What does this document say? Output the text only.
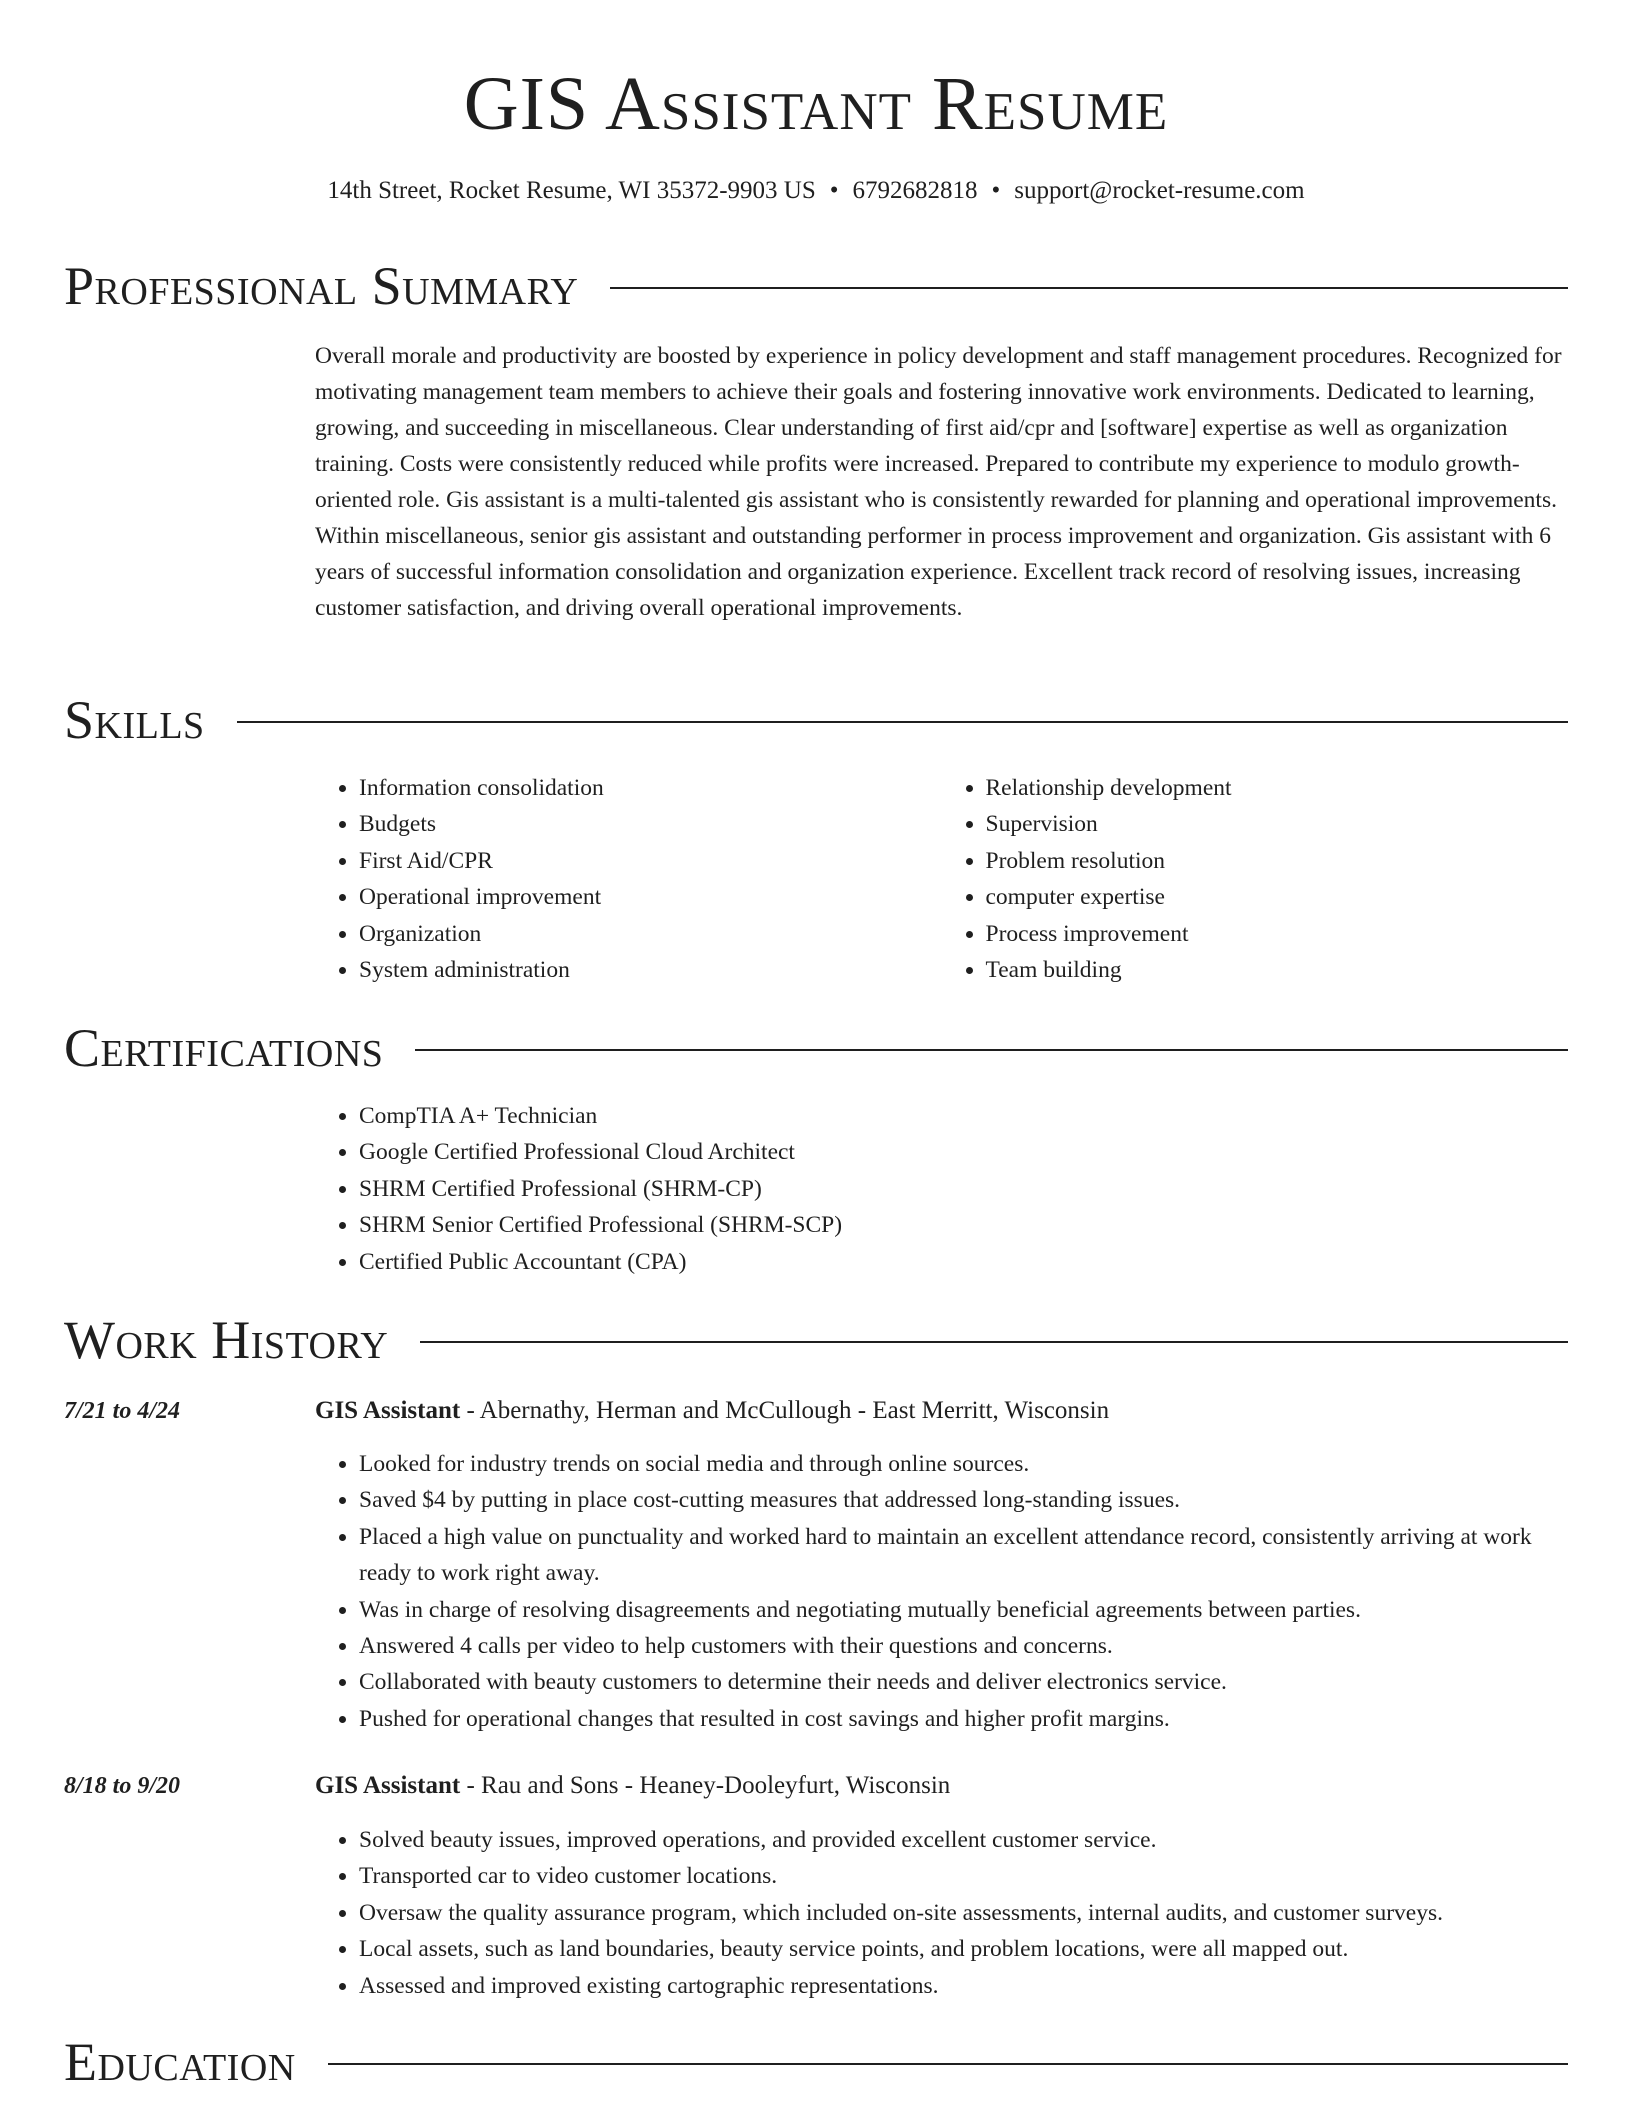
GIS Assistant Resume
14th Street, Rocket Resume, WI 35372-9903 US • 6792682818 • support@rocket-resume.com
Professional Summary

Overall morale and productivity are boosted by experience in policy development and staff management procedures. Recognized for motivating management team members to achieve their goals and fostering innovative work environments. Dedicated to learning, growing, and succeeding in miscellaneous. Clear understanding of first aid/cpr and [software] expertise as well as organization training. Costs were consistently reduced while profits were increased. Prepared to contribute my experience to modulo growth-oriented role. Gis assistant is a multi-talented gis assistant who is consistently rewarded for planning and operational improvements. Within miscellaneous, senior gis assistant and outstanding performer in process improvement and organization. Gis assistant with 6 years of successful information consolidation and organization experience. Excellent track record of resolving issues, increasing customer satisfaction, and driving overall operational improvements.

Skills
• Information consolidation
• Budgets
• First Aid/CPR
• Operational improvement
• Organization
• System administration
• Relationship development
• Supervision
• Problem resolution
• computer expertise
• Process improvement
• Team building
Certifications
• CompTIA A+ Technician
• Google Certified Professional Cloud Architect
• SHRM Certified Professional (SHRM-CP)
• SHRM Senior Certified Professional (SHRM-SCP)
• Certified Public Accountant (CPA)
Work History
7/21 to 4/24	GIS Assistant - Abernathy, Herman and McCullough - East Merritt, Wisconsin
• Looked for industry trends on social media and through online sources.
• Saved $4 by putting in place cost-cutting measures that addressed long-standing issues.
• Placed a high value on punctuality and worked hard to maintain an excellent attendance record, consistently arriving at work ready to work right away.
• Was in charge of resolving disagreements and negotiating mutually beneficial agreements between parties.
• Answered 4 calls per video to help customers with their questions and concerns.
• Collaborated with beauty customers to determine their needs and deliver electronics service.
• Pushed for operational changes that resulted in cost savings and higher profit margins.
8/18 to 9/20	GIS Assistant - Rau and Sons - Heaney-Dooleyfurt, Wisconsin
• Solved beauty issues, improved operations, and provided excellent customer service.
• Transported car to video customer locations.
• Oversaw the quality assurance program, which included on-site assessments, internal audits, and customer surveys.
• Local assets, such as land boundaries, beauty service points, and problem locations, were all mapped out.
• Assessed and improved existing cartographic representations.
Education
